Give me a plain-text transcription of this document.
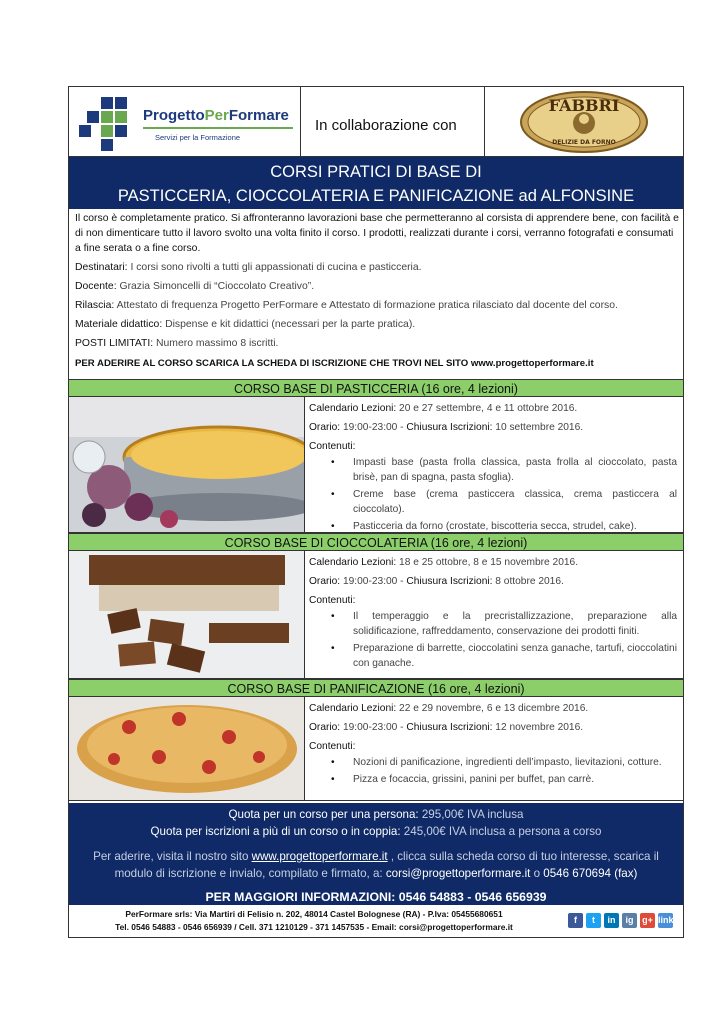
ProgettoPerFormare
Servizi per la Formazione
In collaborazione con
FABBRI
DELIZIE DA FORNO
CORSI PRATICI DI BASE DI
PASTICCERIA, CIOCCOLATERIA E PANIFICAZIONE ad ALFONSINE

Il corso è completamente pratico. Si affronteranno lavorazioni base che permetteranno al corsista di apprendere bene, con facilità e di non dimenticare tutto il lavoro svolto una volta finito il corso. I prodotti, realizzati durante i corsi, verranno fotografati e consumati a fine serata o a fine corso.

Destinatari: I corsi sono rivolti a tutti gli appassionati di cucina e pasticceria.

Docente: Grazia Simoncelli di “Cioccolato Creativo”.

Rilascia: Attestato di frequenza Progetto PerFormare e Attestato di formazione pratica rilasciato dal docente del corso.

Materiale didattico: Dispense e kit didattici (necessari per la parte pratica).

POSTI LIMITATI: Numero massimo 8 iscritti.

PER ADERIRE AL CORSO SCARICA LA SCHEDA DI ISCRIZIONE CHE TROVI NEL SITO www.progettoperformare.it

CORSO BASE DI PASTICCERIA (16 ore, 4 lezioni)
Calendario Lezioni: 20 e 27 settembre, 4 e 11 ottobre 2016.
Orario: 19:00-23:00 - Chiusura Iscrizioni: 10 settembre 2016.
Contenuti:
• Impasti base (pasta frolla classica, pasta frolla al cioccolato, pasta brisè, pan di spagna, pasta sfoglia).
• Creme base (crema pasticcera classica, crema pasticcera al cioccolato).
• Pasticceria da forno (crostate, biscotteria secca, strudel, cake).
CORSO BASE DI CIOCCOLATERIA (16 ore, 4 lezioni)
Calendario Lezioni: 18 e 25 ottobre, 8 e 15 novembre 2016.
Orario: 19:00-23:00 - Chiusura Iscrizioni: 8 ottobre 2016.
Contenuti:
• Il temperaggio e la precristallizzazione, preparazione alla solidificazione, raffreddamento, conservazione dei prodotti finiti.
• Preparazione di barrette, cioccolatini senza ganache, tartufi, cioccolatini con ganache.
CORSO BASE DI PANIFICAZIONE (16 ore, 4 lezioni)
Calendario Lezioni: 22 e 29 novembre, 6 e 13 dicembre 2016.
Orario: 19:00-23:00 - Chiusura Iscrizioni: 12 novembre 2016.
Contenuti:
• Nozioni di panificazione, ingredienti dell’impasto, lievitazioni, cotture.
• Pizza e focaccia, grissini, panini per buffet, pan carrè.
Quota per un corso per una persona: 295,00€ IVA inclusa
Quota per iscrizioni a più di un corso o in coppia: 245,00€ IVA inclusa a persona a corso
Per aderire, visita il nostro sito www.progettoperformare.it , clicca sulla scheda corso di tuo interesse, scarica il modulo di iscrizione e invialo, compilato e firmato, a: corsi@progettoperformare.it o 0546 670694 (fax)
PER MAGGIORI INFORMAZIONI: 0546 54883 - 0546 656939
PerFormare srls: Via Martiri di Felisio n. 202, 48014 Castel Bolognese (RA) - P.Iva: 05455680651
Tel. 0546 54883 - 0546 656939 / Cell. 371 1210129 - 371 1457535 - Email: corsi@progettoperformare.it
f	t	in	ig g+ link
